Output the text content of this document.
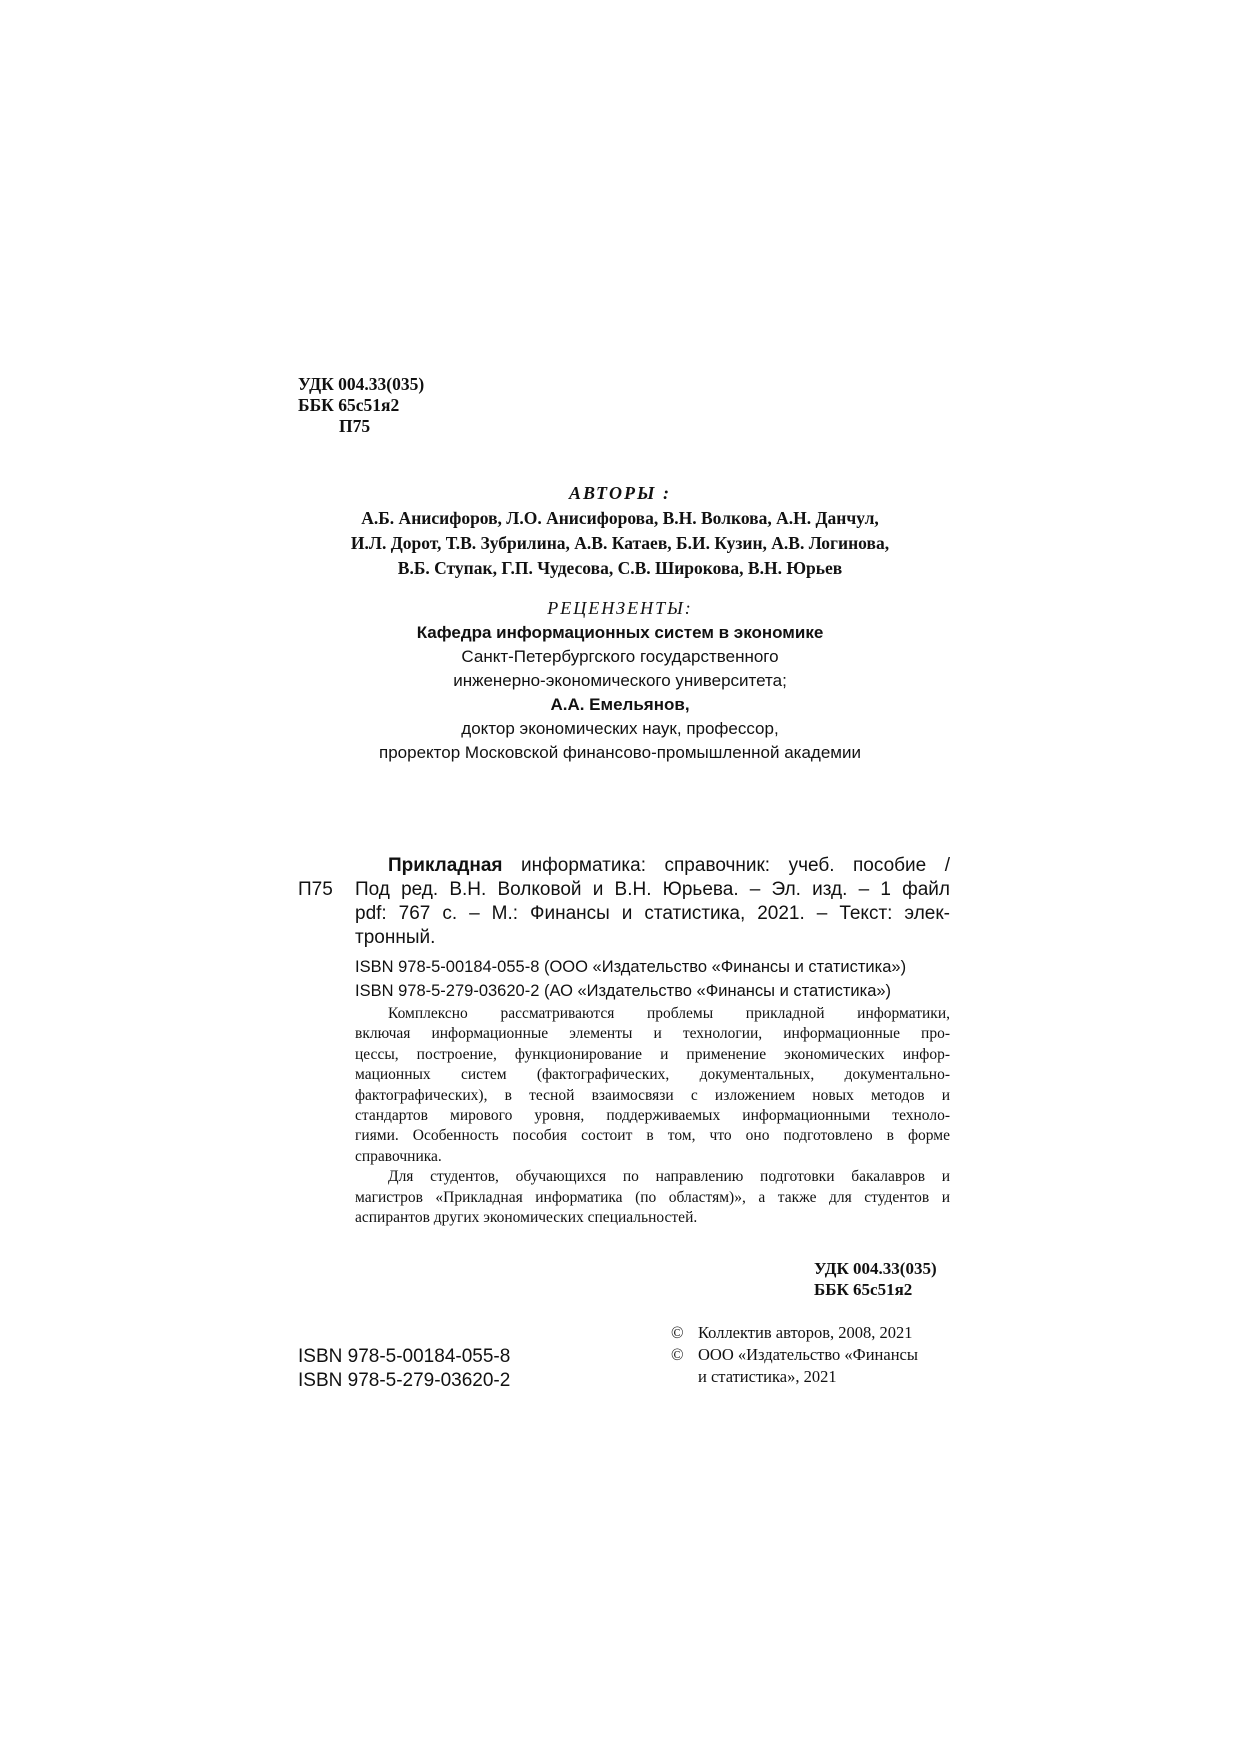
УДК 004.33(035)
ББК 65с51я2
П75
АВТОРЫ :
А.Б. Анисифоров, Л.О. Анисифорова, В.Н. Волкова, А.Н. Данчул,
И.Л. Дорот, Т.В. Зубрилина, А.В. Катаев, Б.И. Кузин, А.В. Логинова,
В.Б. Ступак, Г.П. Чудесова, С.В. Широкова, В.Н. Юрьев
РЕЦЕНЗЕНТЫ:
Кафедра информационных систем в экономике
Санкт-Петербургского государственного
инженерно-экономического университета;
А.А. Емельянов,
доктор экономических наук, профессор,
проректор Московской финансово-промышленной академии
П75
Прикладная информатика: справочник: учеб. пособие /
Под ред. В.Н. Волковой и В.Н. Юрьева. – Эл. изд. – 1 файл
pdf: 767 с. – М.: Финансы и статистика, 2021. – Текст: элек-
тронный.
ISBN 978-5-00184-055-8 (ООО «Издательство «Финансы и статистика»)
ISBN 978-5-279-03620-2 (АО «Издательство «Финансы и статистика»)
Комплексно рассматриваются проблемы прикладной информатики,
включая информационные элементы и технологии, информационные про-
цессы, построение, функционирование и применение экономических инфор-
мационных систем (фактографических, документальных, документально-
фактографических), в тесной взаимосвязи с изложением новых методов и
стандартов мирового уровня, поддерживаемых информационными техноло-
гиями. Особенность пособия состоит в том, что оно подготовлено в форме
справочника.
Для студентов, обучающихся по направлению подготовки бакалавров и
магистров «Прикладная информатика (по областям)», а также для студентов и
аспирантов других экономических специальностей.
УДК 004.33(035)
ББК 65с51я2
ISBN 978-5-00184-055-8
ISBN 978-5-279-03620-2
© Коллектив авторов, 2008, 2021
© ООО «Издательство «Финансы
и статистика», 2021
